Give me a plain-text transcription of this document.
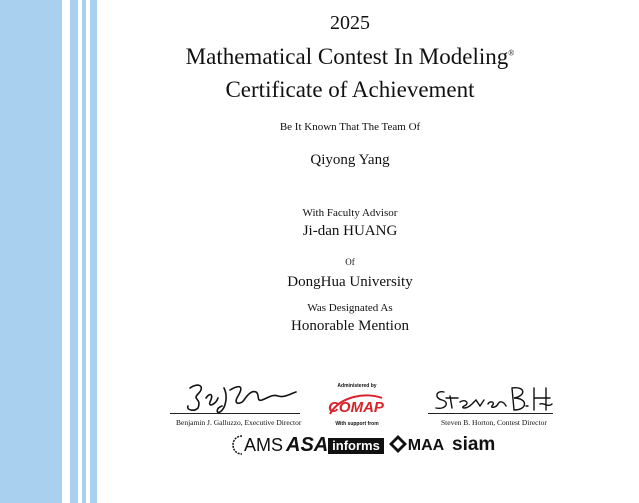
2025
Mathematical Contest In Modeling®
Certificate of Achievement
Be It Known That The Team Of
Qiyong Yang
With Faculty Advisor
Ji-dan HUANG
Of
DongHua University
Was Designated As
Honorable Mention
Benjamin J. Galluzzo, Executive Director	Steven B. Horton, Contest Director
Administered by
COMAP
With support from
AMS ASA informs MAA siam
